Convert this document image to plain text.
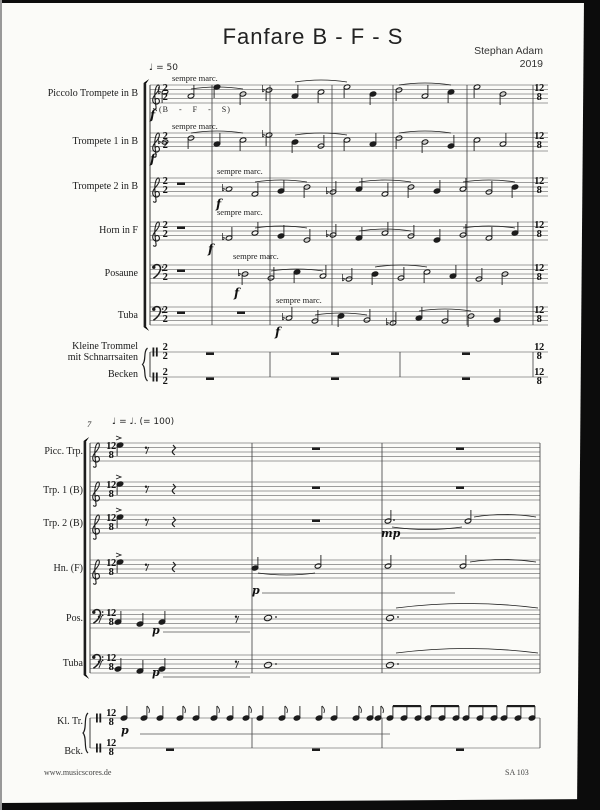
Fanfare B - F - S
Stephan Adam
2019
♩ = 50
(B - F - S)
sempre marc.
sempre marc.
sempre marc.
sempre marc.
sempre marc.
sempre marc.
f
f
f
f
f
f
Piccolo Trompete in B
Trompete 1 in B
Trompete 2 in B
Horn in F
Posaune
Tuba
Kleine Trommel
mit Schnarrsaiten
Becken
7 ♩ = ♩. (= 100)
Picc. Trp.
Trp. 1 (B)
Trp. 2 (B)
Hn. (F)
Pos.
Tuba
Kl. Tr.
Bck.
mp
p
p
p
p
www.musicscores.de	SA 103
2
2
12
8
2
2
12
8
2
2
12
8
2
2
12
8
2
2
12
8
2
2
12
8
2
2
12
8
2
2
12
8
12
8
12
8
12
8
12
8
12
8
12
8
12
8
12
8
